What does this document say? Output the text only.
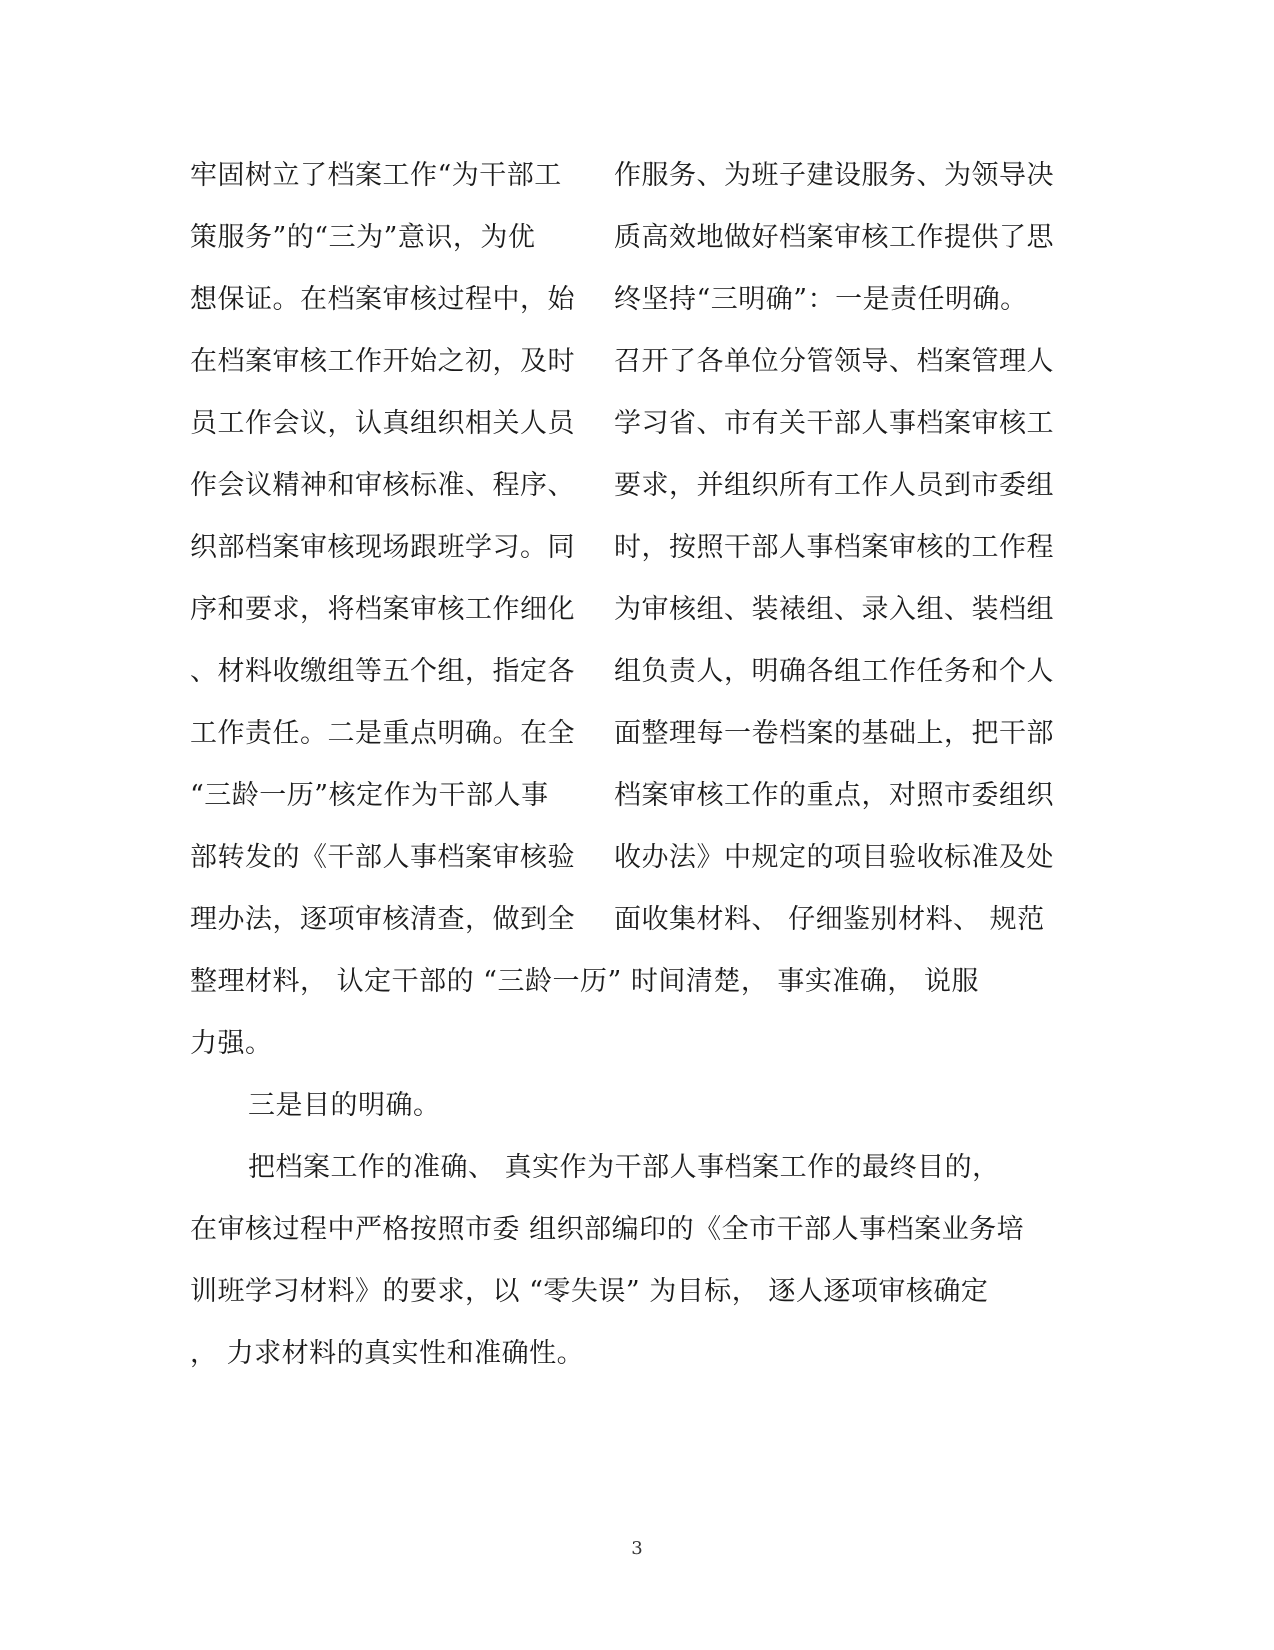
牢固树立了档案工作“为干部工 作服务、为班子建设服务、为领导决
策服务”的“三为”意识，为优	质高效地做好档案审核工作提供了思
想保证。在档案审核过程中，始 终坚持“三明确”：一是责任明确。
在档案审核工作开始之初，及时 召开了各单位分管领导、档案管理人
员工作会议，认真组织相关人员 学习省、市有关干部人事档案审核工
作会议精神和审核标准、程序、 要求，并组织所有工作人员到市委组
织部档案审核现场跟班学习。同 时，按照干部人事档案审核的工作程
序和要求，将档案审核工作细化 为审核组、装裱组、录入组、装档组
、材料收缴组等五个组，指定各 组负责人，明确各组工作任务和个人
工作责任。二是重点明确。在全 面整理每一卷档案的基础上，把干部
“三龄一历”核定作为干部人事 档案审核工作的重点，对照市委组织
部转发的《干部人事档案审核验 收办法》中规定的项目验收标准及处
理办法，逐项审核清查，做到全 面收集材料、 仔细鉴别材料、 规范
整理材料， 认定干部的 “三龄一历” 时间清楚， 事实准确， 说服
力强。
三是目的明确。
把档案工作的准确、 真实作为干部人事档案工作的最终目的，
在审核过程中严格按照市委 组织部编印的《全市干部人事档案业务培
训班学习材料》的要求，以 “零失误” 为目标， 逐人逐项审核确定
， 力求材料的真实性和准确性。
3
